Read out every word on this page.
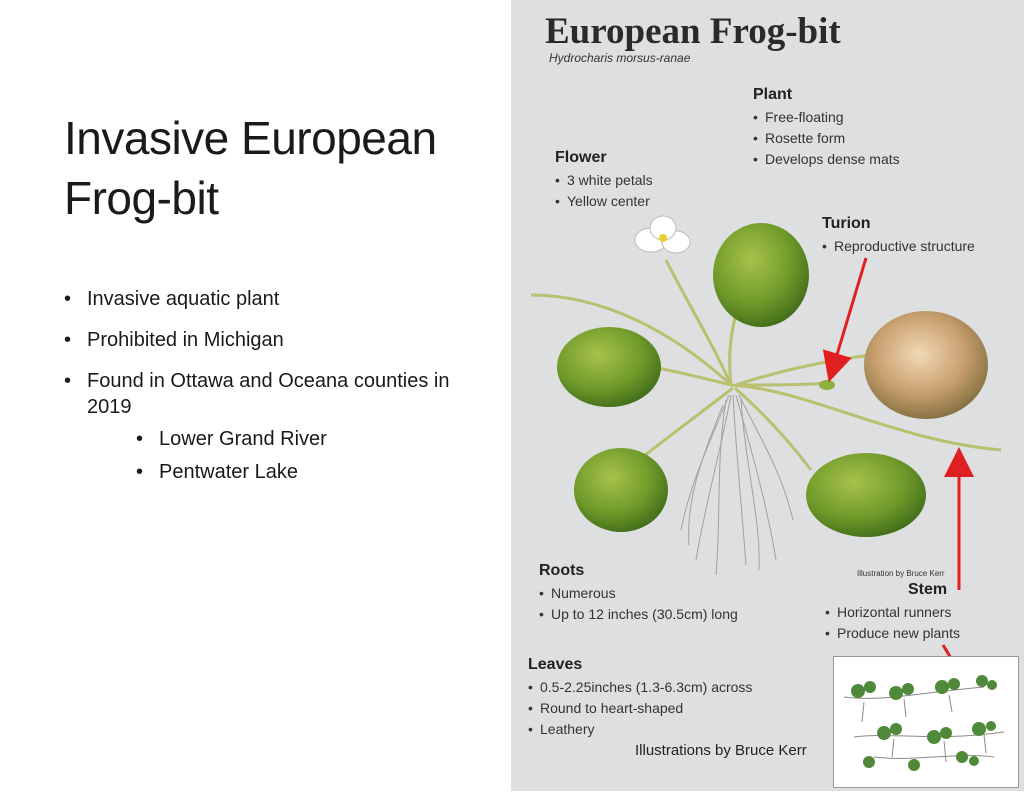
Invasive European
Frog-bit
• Invasive aquatic plant
• Prohibited in Michigan
• Found in Ottawa and Oceana counties in 2019
• Lower Grand River
• Pentwater Lake
European Frog-bit
Hydrocharis morsus-ranae
Plant
• Free-floating
• Rosette form
• Develops dense mats
Flower
• 3 white petals
• Yellow center
Turion
• Reproductive structure
Roots
• Numerous
• Up to 12 inches (30.5cm) long
Illustration by Bruce Kerr
Stem
• Horizontal runners
• Produce new plants
Leaves
• 0.5-2.25inches (1.3-6.3cm) across
• Round to heart-shaped
• Leathery
Illustrations by Bruce Kerr
